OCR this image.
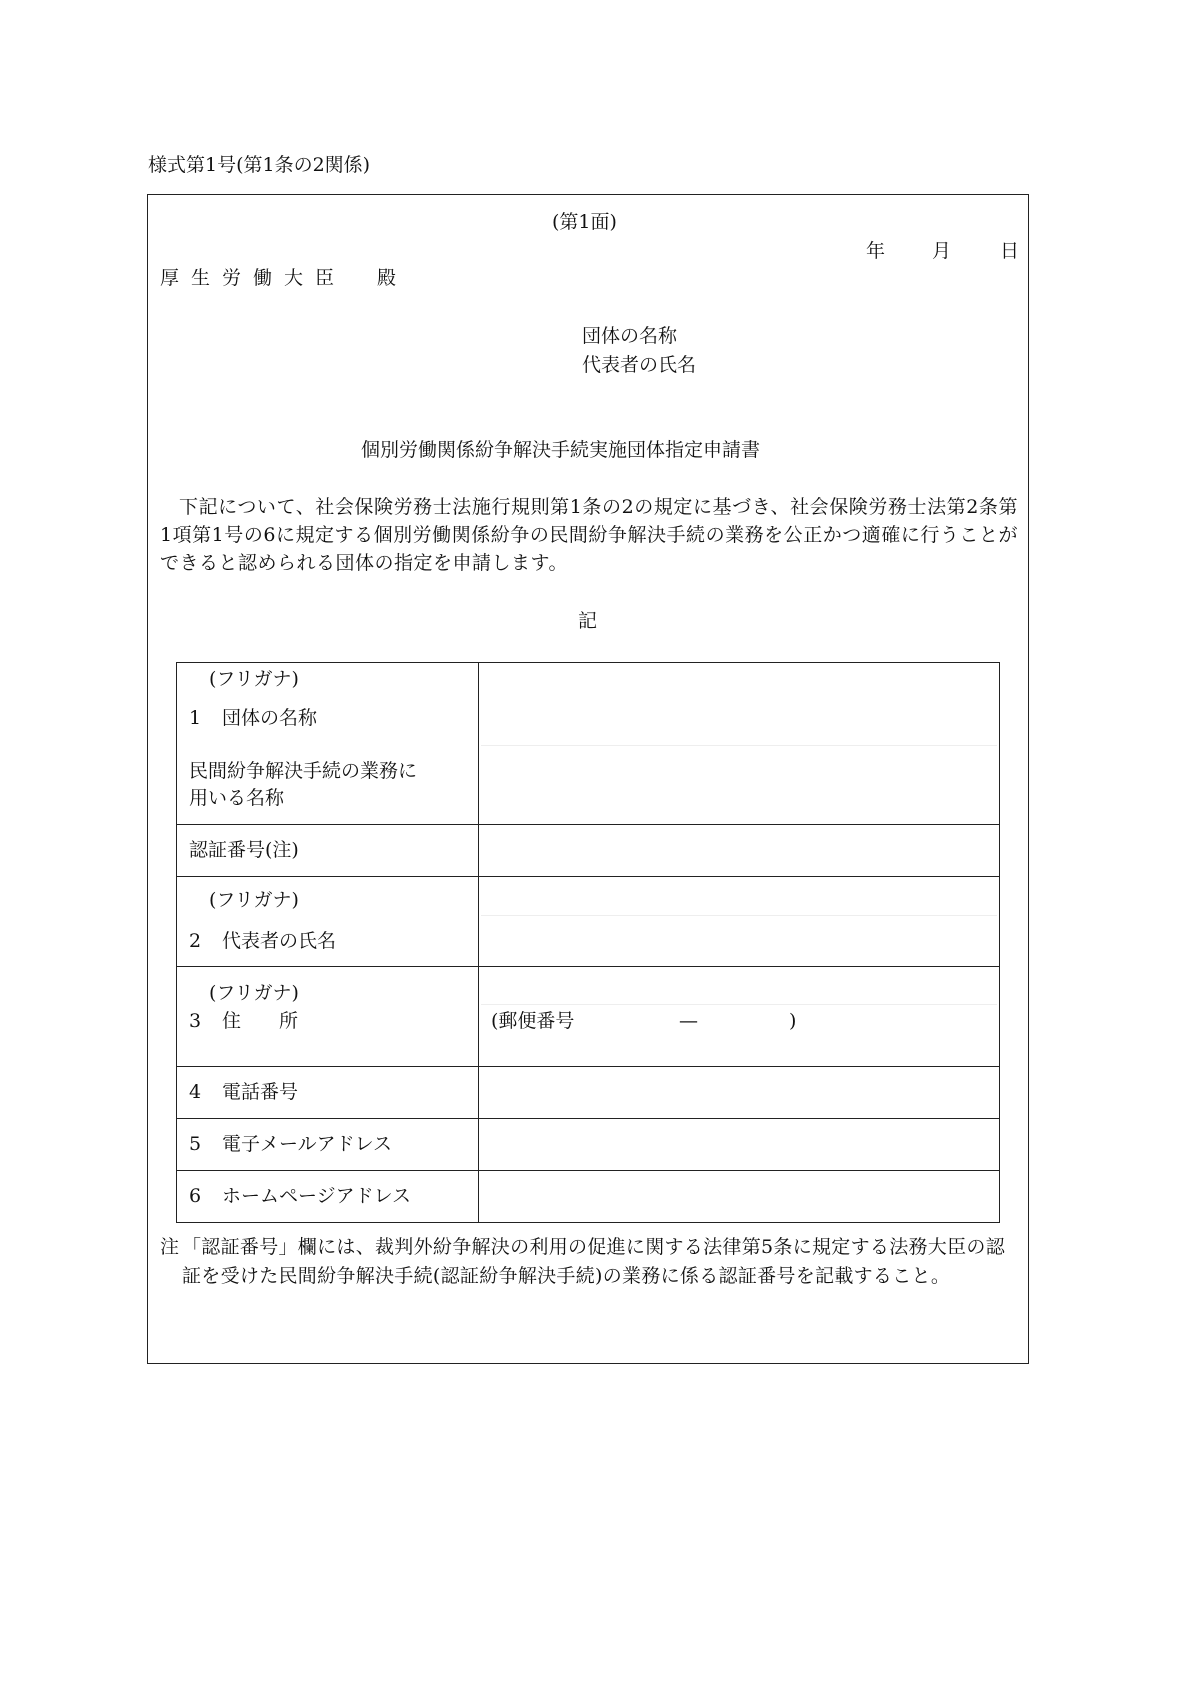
様式第1号(第1条の2関係)
(第1面)
年 月	日
厚生労働大臣　殿
団体の名称
代表者の氏名
個別労働関係紛争解決手続実施団体指定申請書
下記について、社会保険労務士法施行規則第1条の2の規定に基づき、社会保険労務士法第2条第1項第1号の6に規定する個別労働関係紛争の民間紛争解決手続の業務を公正かつ適確に行うことができると認められる団体の指定を申請します。
記
(フリガナ)
1 団体の名称
民間紛争解決手続の業務に
用いる名称	

認証番号(注)	

(フリガナ)
2 代表者の氏名	

(フリガナ)
3 住　　所	(郵便番号 — )

4 電話番号	

5 電子メールアドレス	

6 ホームページアドレス	

注 「認証番号」欄には、裁判外紛争解決の利用の促進に関する法律第5条に規定する法務大臣の認証を受けた民間紛争解決手続(認証紛争解決手続)の業務に係る認証番号を記載すること。
